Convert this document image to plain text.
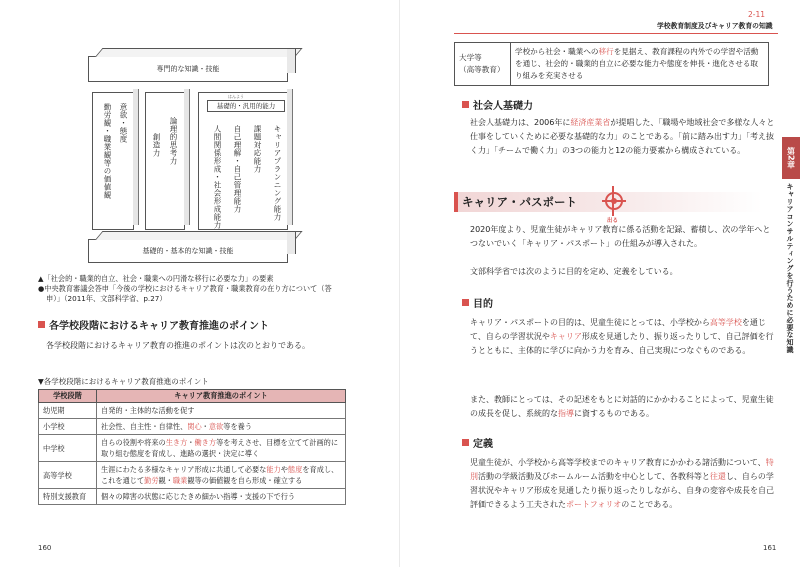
専門的な知識・技能
勤労観・職業観等の価値観 意欲・態度
創造力 論理的思考力	人間関係形成・社会形成能力 自己理解・自己管理能力 課題対応能力 キャリアプランニング能力
はんよう
基礎的・汎用的能力
基礎的・基本的な知識・技能
▲「社会的・職業的自立、社会・職業への円滑な移行に必要な力」の要素
●中央教育審議会答申「今後の学校におけるキャリア教育・職業教育の在り方について（答
申）」（2011年、文部科学省、p.27）
各学校段階におけるキャリア教育推進のポイント
各学校段階におけるキャリア教育の推進のポイントは次のとおりである。
▼各学校段階におけるキャリア教育推進のポイント
学校段階	キャリア教育推進のポイント
幼児期	自発的・主体的な活動を促す
小学校	社会性、自主性・自律性、関心・意欲等を養う
中学校	自らの役割や将来の生き方・働き方等を考えさせ、目標を立てて計画的に取り組む態度を育成し、進路の選択・決定に導く
高等学校	生涯にわたる多様なキャリア形成に共通して必要な能力や態度を育成し、これを通じて勤労観・職業観等の価値観を自ら形成・確立する
特別支援教育	個々の障害の状態に応じたきめ細かい指導・支援の下で行う
160
2-11
学校教育制度及びキャリア教育の知識
大学等
（高等教育）	学校から社会・職業への移行を見据え、教育課程の内外での学習や活動を通じ、社会的・職業的自立に必要な能力や態度を伸長・進化させる取り組みを充実させる
社会人基礎力
社会人基礎力は、2006年に経済産業省が提唱した、「職場や地域社会で多様な人々と仕事をしていくために必要な基礎的な力」のことである。「前に踏み出す力」「考え抜く力」「チームで働く力」の3つの能力と12の能力要素から構成されている。
キャリア・パスポート
出る
2020年度より、児童生徒がキャリア教育に係る活動を記録、蓄積し、次の学年へとつないでいく「キャリア・パスポート」の仕組みが導入された。
文部科学省では次のように目的を定め、定義をしている。
目的
キャリア・パスポートの目的は、児童生徒にとっては、小学校から高等学校を通じて、自らの学習状況やキャリア形成を見通したり、振り返ったりして、自己評価を行うとともに、主体的に学びに向かう力を育み、自己実現につなぐものである。
また、教師にとっては、その記述をもとに対話的にかかわることによって、児童生徒の成長を促し、系統的な指導に資するものである。
定義
児童生徒が、小学校から高等学校までのキャリア教育にかかわる諸活動について、特別活動の学級活動及びホームルーム活動を中心として、各教科等と往還し、自らの学習状況やキャリア形成を見通したり振り返ったりしながら、自身の変容や成長を自己評価できるよう工夫されたポートフォリオのことである。
第2章
キャリアコンサルティングを行うために必要な知識
161
